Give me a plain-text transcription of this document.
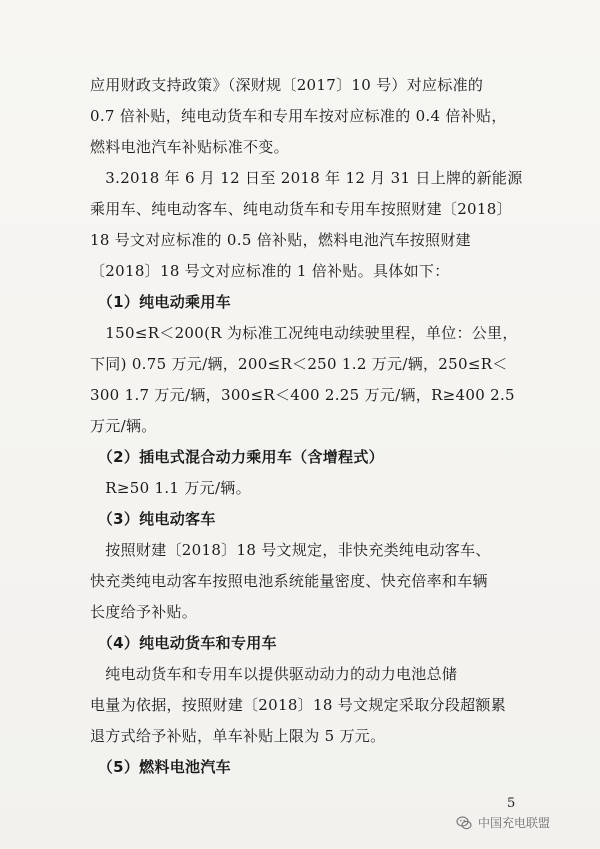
应用财政支持政策》（深财规〔2017〕10 号）对应标准的
0.7 倍补贴，纯电动货车和专用车按对应标准的 0.4 倍补贴，
燃料电池汽车补贴标准不变。
　3.2018 年 6 月 12 日至 2018 年 12 月 31 日上牌的新能源
乘用车、纯电动客车、纯电动货车和专用车按照财建〔2018〕
18 号文对应标准的 0.5 倍补贴，燃料电池汽车按照财建
〔2018〕18 号文对应标准的 1 倍补贴。具体如下：
　（1）纯电动乘用车
　150≤R＜200(R 为标准工况纯电动续驶里程，单位：公里，
下同) 0.75 万元/辆，200≤R＜250 1.2 万元/辆，250≤R＜
300 1.7 万元/辆，300≤R＜400 2.25 万元/辆，R≥400 2.5
万元/辆。
　（2）插电式混合动力乘用车（含增程式）
　R≥50 1.1 万元/辆。
　（3）纯电动客车
　按照财建〔2018〕18 号文规定，非快充类纯电动客车、
快充类纯电动客车按照电池系统能量密度、快充倍率和车辆
长度给予补贴。
　（4）纯电动货车和专用车
　纯电动货车和专用车以提供驱动动力的动力电池总储
电量为依据，按照财建〔2018〕18 号文规定采取分段超额累
退方式给予补贴，单车补贴上限为 5 万元。
　（5）燃料电池汽车
5
中国充电联盟
